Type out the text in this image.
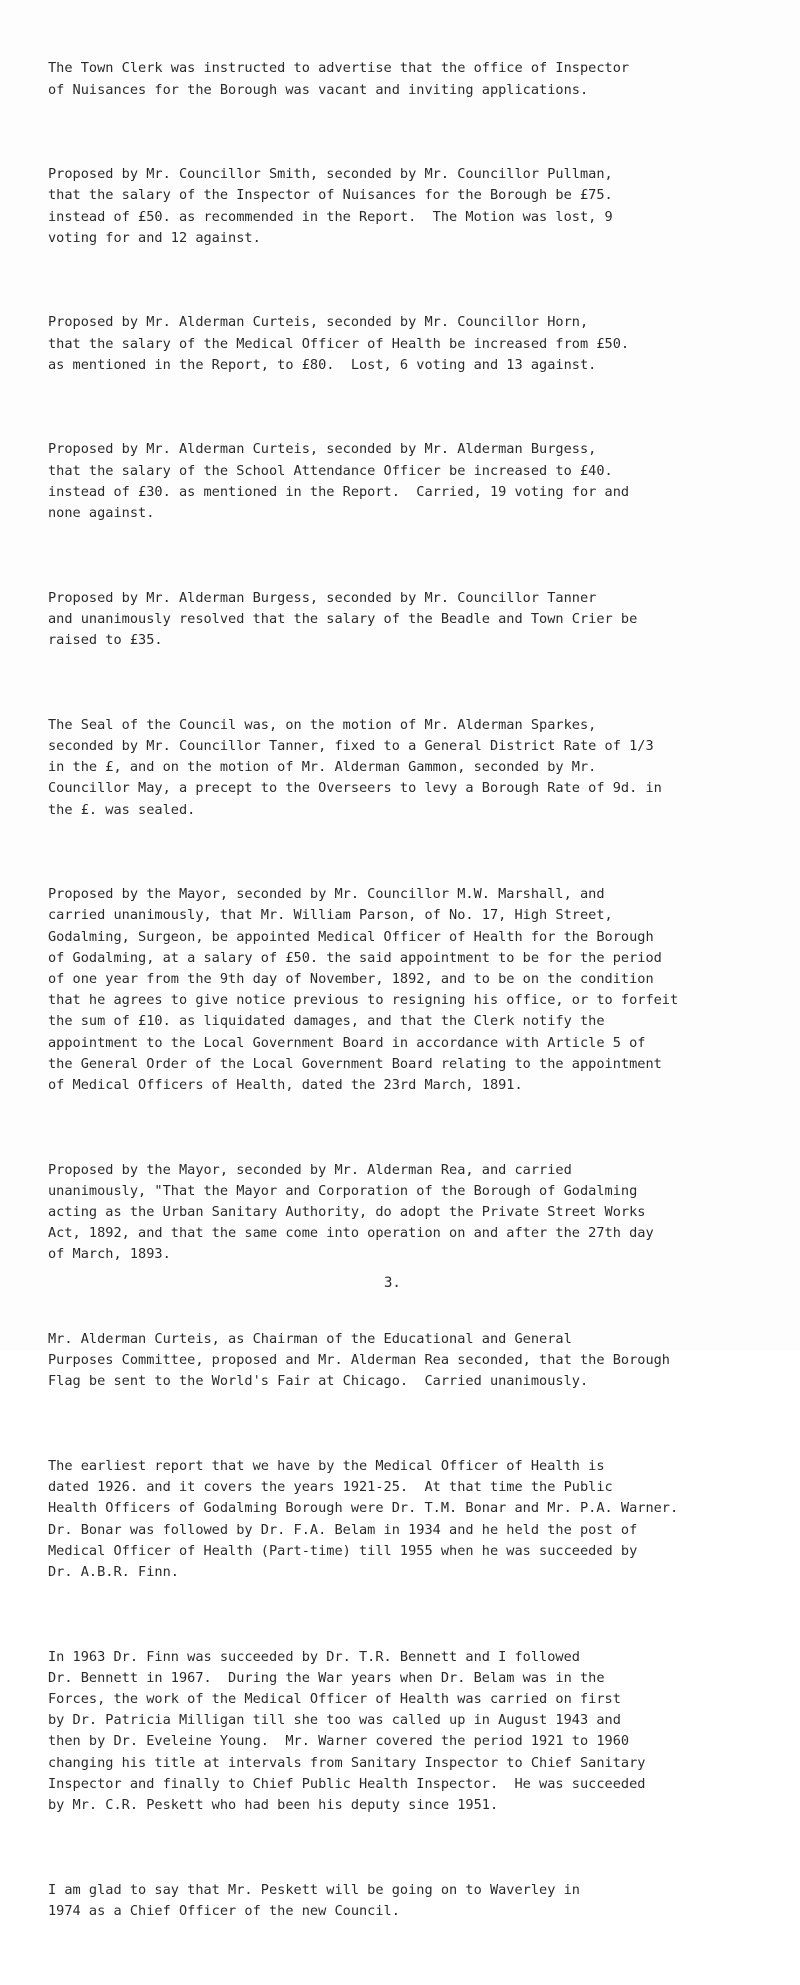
The Town Clerk was instructed to advertise that the office of Inspector
of Nuisances for the Borough was vacant and inviting applications.

Proposed by Mr. Councillor Smith, seconded by Mr. Councillor Pullman,
that the salary of the Inspector of Nuisances for the Borough be £75.
instead of £50. as recommended in the Report.  The Motion was lost, 9
voting for and 12 against.

Proposed by Mr. Alderman Curteis, seconded by Mr. Councillor Horn,
that the salary of the Medical Officer of Health be increased from £50.
as mentioned in the Report, to £80.  Lost, 6 voting and 13 against.

Proposed by Mr. Alderman Curteis, seconded by Mr. Alderman Burgess,
that the salary of the School Attendance Officer be increased to £40.
instead of £30. as mentioned in the Report.  Carried, 19 voting for and
none against.

Proposed by Mr. Alderman Burgess, seconded by Mr. Councillor Tanner
and unanimously resolved that the salary of the Beadle and Town Crier be
raised to £35.

The Seal of the Council was, on the motion of Mr. Alderman Sparkes,
seconded by Mr. Councillor Tanner, fixed to a General District Rate of 1/3
in the £, and on the motion of Mr. Alderman Gammon, seconded by Mr.
Councillor May, a precept to the Overseers to levy a Borough Rate of 9d. in
the £. was sealed.

Proposed by the Mayor, seconded by Mr. Councillor M.W. Marshall, and
carried unanimously, that Mr. William Parson, of No. 17, High Street,
Godalming, Surgeon, be appointed Medical Officer of Health for the Borough
of Godalming, at a salary of £50. the said appointment to be for the period
of one year from the 9th day of November, 1892, and to be on the condition
that he agrees to give notice previous to resigning his office, or to forfeit
the sum of £10. as liquidated damages, and that the Clerk notify the
appointment to the Local Government Board in accordance with Article 5 of
the General Order of the Local Government Board relating to the appointment
of Medical Officers of Health, dated the 23rd March, 1891.

Proposed by the Mayor, seconded by Mr. Alderman Rea, and carried
unanimously, "That the Mayor and Corporation of the Borough of Godalming
acting as the Urban Sanitary Authority, do adopt the Private Street Works
Act, 1892, and that the same come into operation on and after the 27th day
of March, 1893.

Mr. Alderman Curteis, as Chairman of the Educational and General
Purposes Committee, proposed and Mr. Alderman Rea seconded, that the Borough
Flag be sent to the World's Fair at Chicago.  Carried unanimously.

The earliest report that we have by the Medical Officer of Health is
dated 1926. and it covers the years 1921-25.  At that time the Public
Health Officers of Godalming Borough were Dr. T.M. Bonar and Mr. P.A. Warner.
Dr. Bonar was followed by Dr. F.A. Belam in 1934 and he held the post of
Medical Officer of Health (Part-time) till 1955 when he was succeeded by
Dr. A.B.R. Finn.

In 1963 Dr. Finn was succeeded by Dr. T.R. Bennett and I followed
Dr. Bennett in 1967.  During the War years when Dr. Belam was in the
Forces, the work of the Medical Officer of Health was carried on first
by Dr. Patricia Milligan till she too was called up in August 1943 and
then by Dr. Eveleine Young.  Mr. Warner covered the period 1921 to 1960
changing his title at intervals from Sanitary Inspector to Chief Sanitary
Inspector and finally to Chief Public Health Inspector.  He was succeeded
by Mr. C.R. Peskett who had been his deputy since 1951.

I am glad to say that Mr. Peskett will be going on to Waverley in
1974 as a Chief Officer of the new Council.

3.
